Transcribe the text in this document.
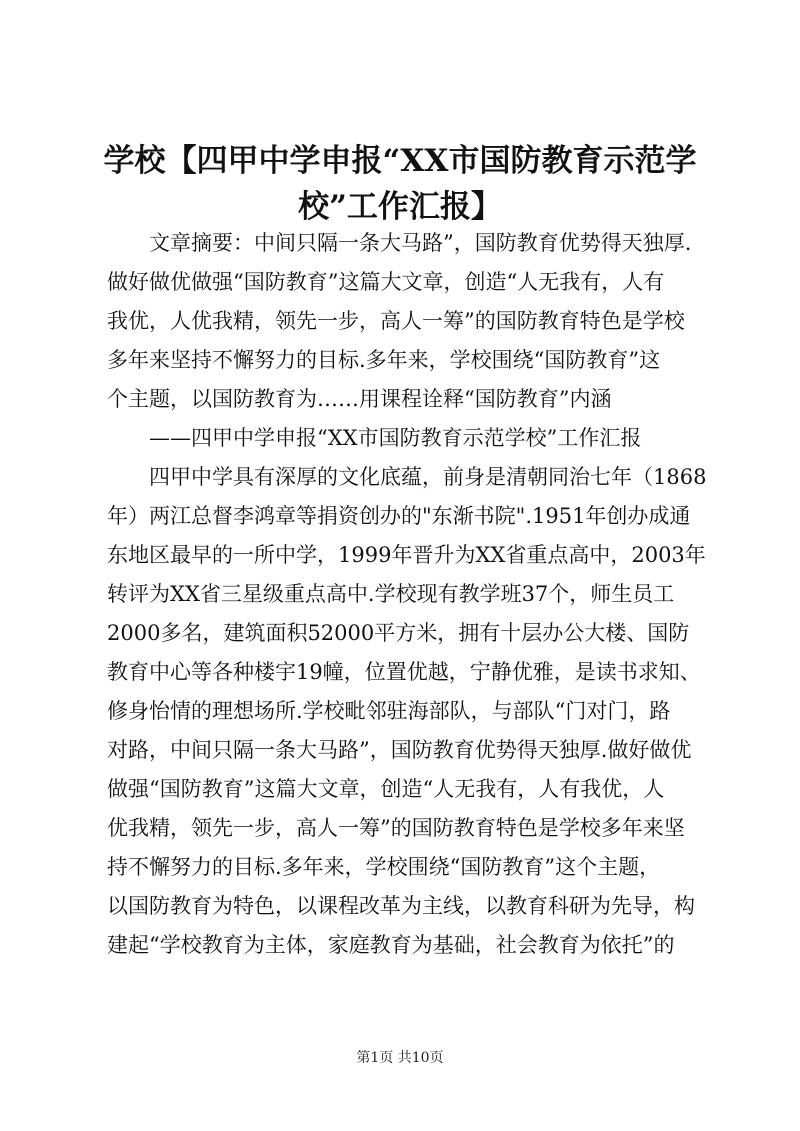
学校【四甲中学申报“XX市国防教育示范学
校”工作汇报】
　　文章摘要：中间只隔一条大马路”，国防教育优势得天独厚.
做好做优做强“国防教育”这篇大文章，创造“人无我有，人有
我优，人优我精，领先一步，高人一筹”的国防教育特色是学校
多年来坚持不懈努力的目标.多年来，学校围绕“国防教育”这
个主题，以国防教育为……用课程诠释“国防教育”内涵
　　——四甲中学申报“XX市国防教育示范学校”工作汇报
　　四甲中学具有深厚的文化底蕴，前身是清朝同治七年（1868
年）两江总督李鸿章等捐资创办的"东渐书院".1951年创办成通
东地区最早的一所中学，1999年晋升为XX省重点高中，2003年
转评为XX省三星级重点高中.学校现有教学班37个，师生员工
2000多名，建筑面积52000平方米，拥有十层办公大楼、国防
教育中心等各种楼宇19幢，位置优越，宁静优雅，是读书求知、
修身怡情的理想场所.学校毗邻驻海部队，与部队“门对门，路
对路，中间只隔一条大马路”，国防教育优势得天独厚.做好做优
做强“国防教育”这篇大文章，创造“人无我有，人有我优，人
优我精，领先一步，高人一筹”的国防教育特色是学校多年来坚
持不懈努力的目标.多年来，学校围绕“国防教育”这个主题，
以国防教育为特色，以课程改革为主线，以教育科研为先导，构
建起“学校教育为主体，家庭教育为基础，社会教育为依托”的
第1页 共10页
